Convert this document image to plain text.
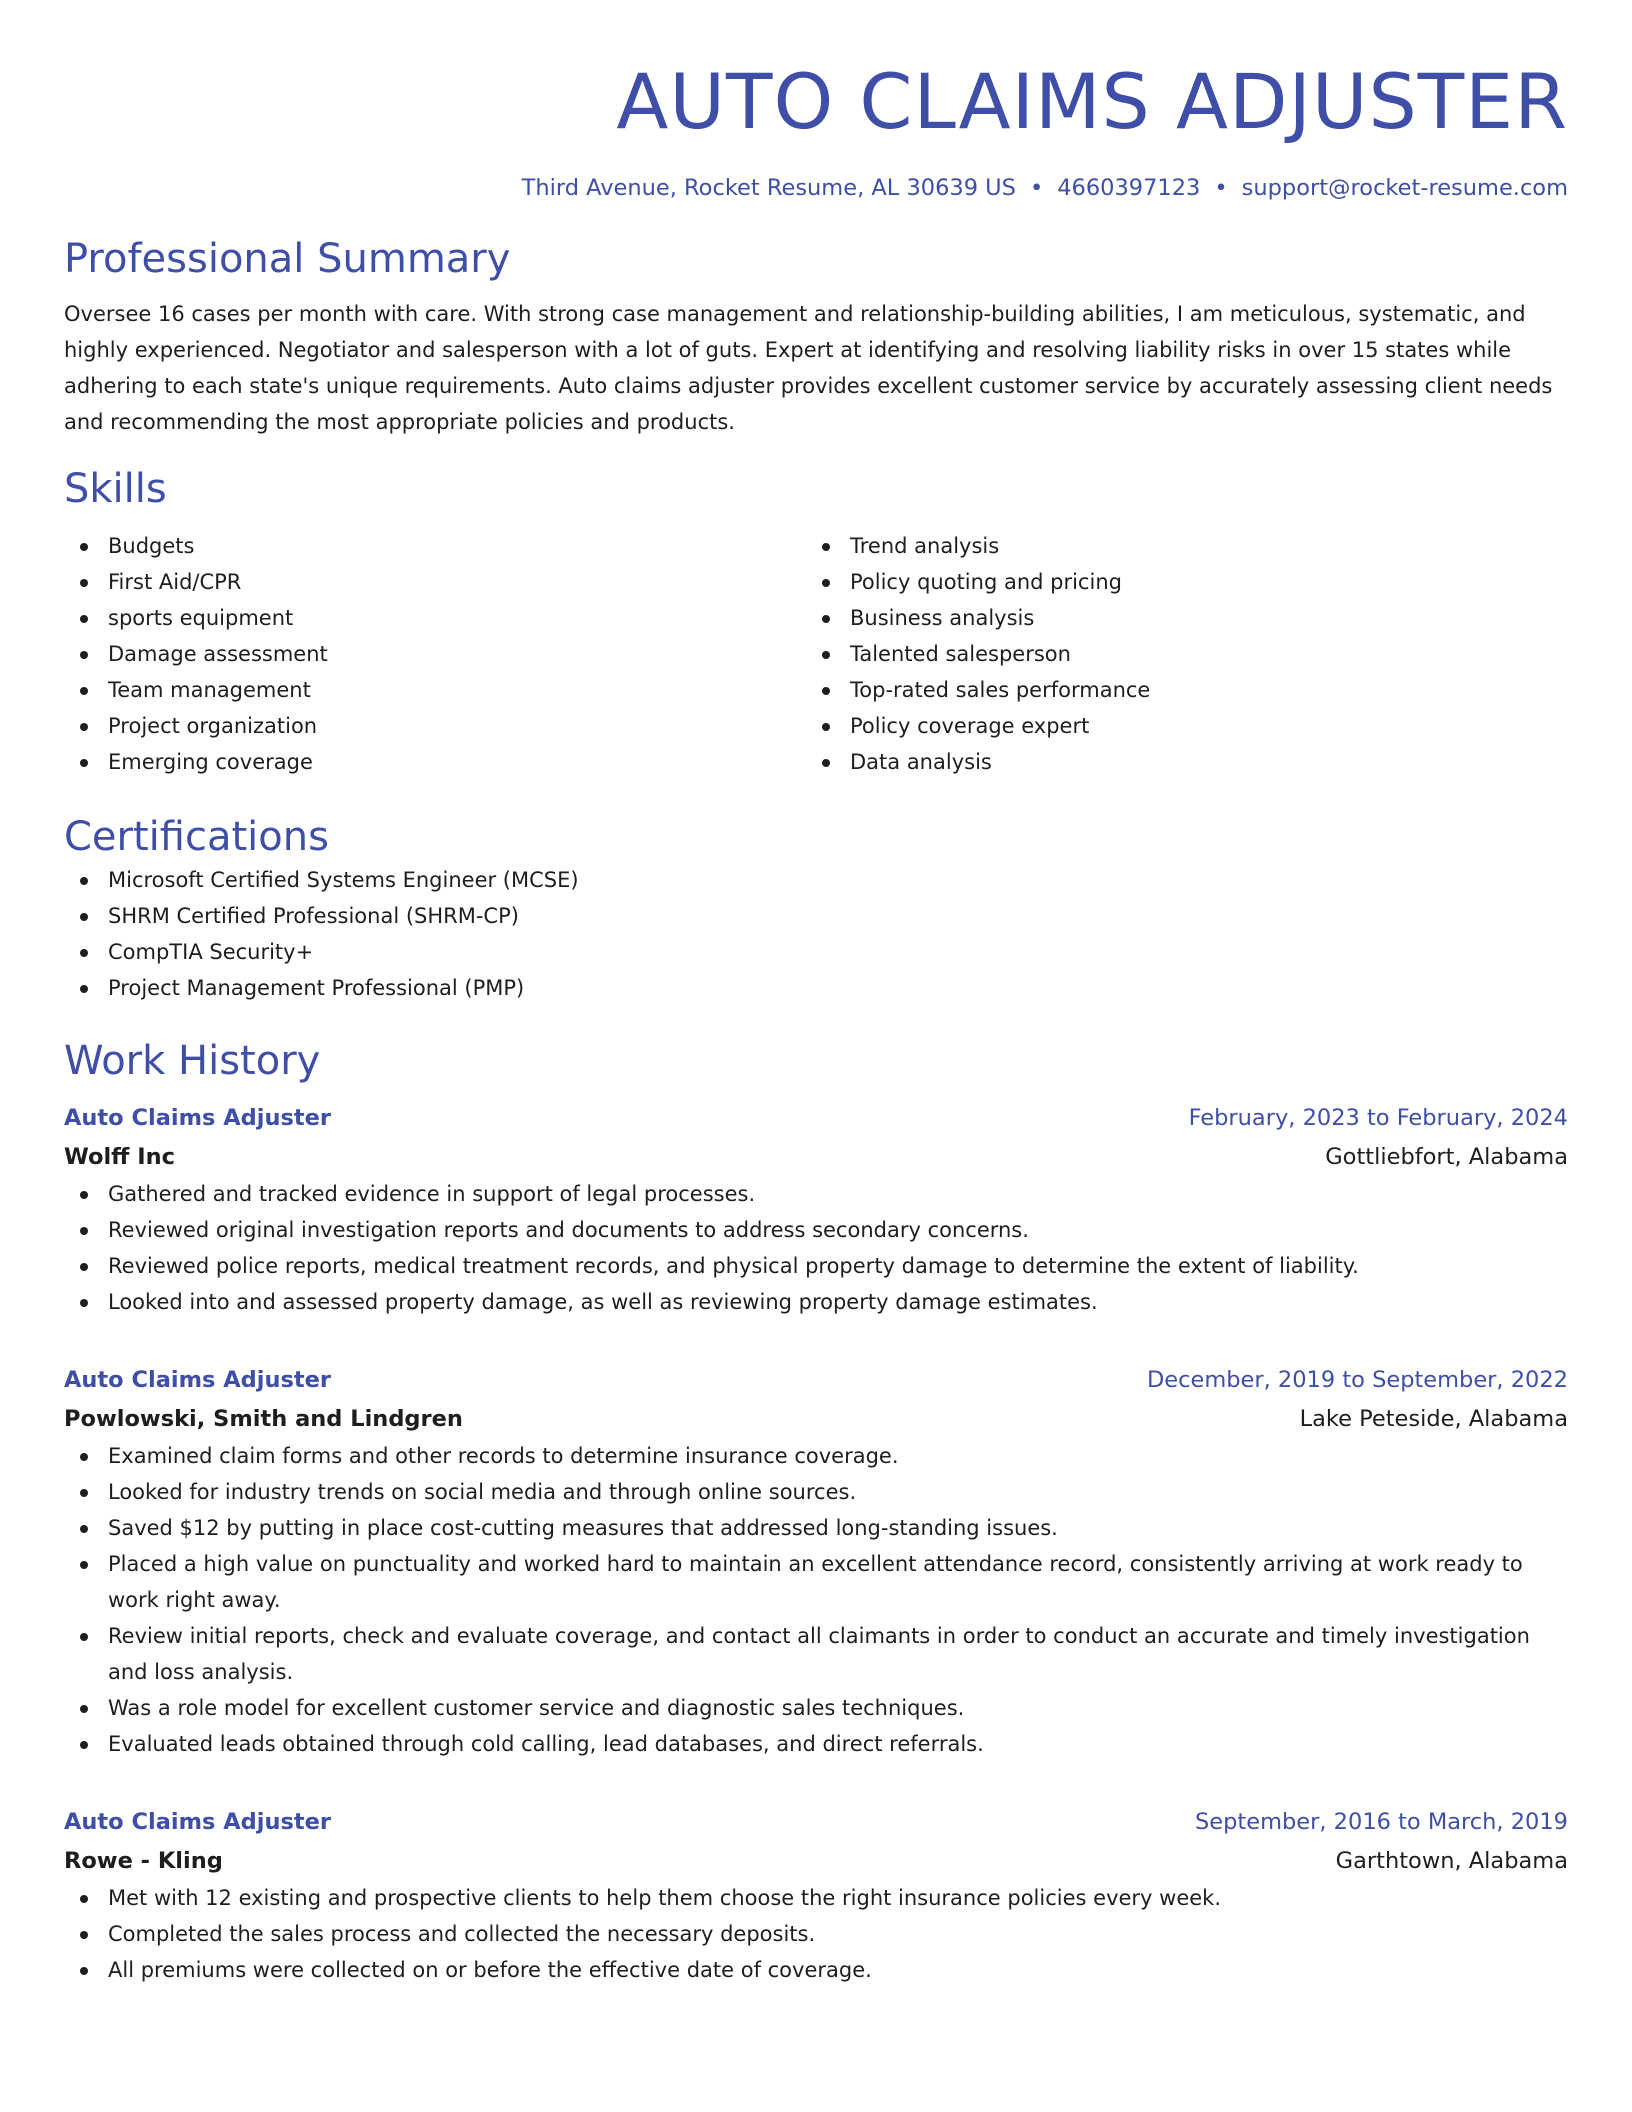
AUTO CLAIMS ADJUSTER
Third Avenue, Rocket Resume, AL 30639 US • 4660397123 • support@rocket-resume.com
Professional Summary

Oversee 16 cases per month with care. With strong case management and relationship-building abilities, I am meticulous, systematic, and highly experienced. Negotiator and salesperson with a lot of guts. Expert at identifying and resolving liability risks in over 15 states while adhering to each state's unique requirements. Auto claims adjuster provides excellent customer service by accurately assessing client needs and recommending the most appropriate policies and products.

Skills
Budgets
First Aid/CPR
sports equipment
Damage assessment
Team management
Project organization
Emerging coverage
Trend analysis
Policy quoting and pricing
Business analysis
Talented salesperson
Top-rated sales performance
Policy coverage expert
Data analysis
Certifications
Microsoft Certified Systems Engineer (MCSE)
SHRM Certified Professional (SHRM-CP)
CompTIA Security+
Project Management Professional (PMP)
Work History
Auto Claims Adjuster	February, 2023 to February, 2024
Wolff Inc	Gottliebfort, Alabama
Gathered and tracked evidence in support of legal processes.
Reviewed original investigation reports and documents to address secondary concerns.
Reviewed police reports, medical treatment records, and physical property damage to determine the extent of liability.
Looked into and assessed property damage, as well as reviewing property damage estimates.
Auto Claims Adjuster	December, 2019 to September, 2022
Powlowski, Smith and Lindgren	Lake Peteside, Alabama
Examined claim forms and other records to determine insurance coverage.
Looked for industry trends on social media and through online sources.
Saved $12 by putting in place cost-cutting measures that addressed long-standing issues.
Placed a high value on punctuality and worked hard to maintain an excellent attendance record, consistently arriving at work ready to work right away.
Review initial reports, check and evaluate coverage, and contact all claimants in order to conduct an accurate and timely investigation and loss analysis.
Was a role model for excellent customer service and diagnostic sales techniques.
Evaluated leads obtained through cold calling, lead databases, and direct referrals.
Auto Claims Adjuster	September, 2016 to March, 2019
Rowe - Kling	Garthtown, Alabama
Met with 12 existing and prospective clients to help them choose the right insurance policies every week.
Completed the sales process and collected the necessary deposits.
All premiums were collected on or before the effective date of coverage.
